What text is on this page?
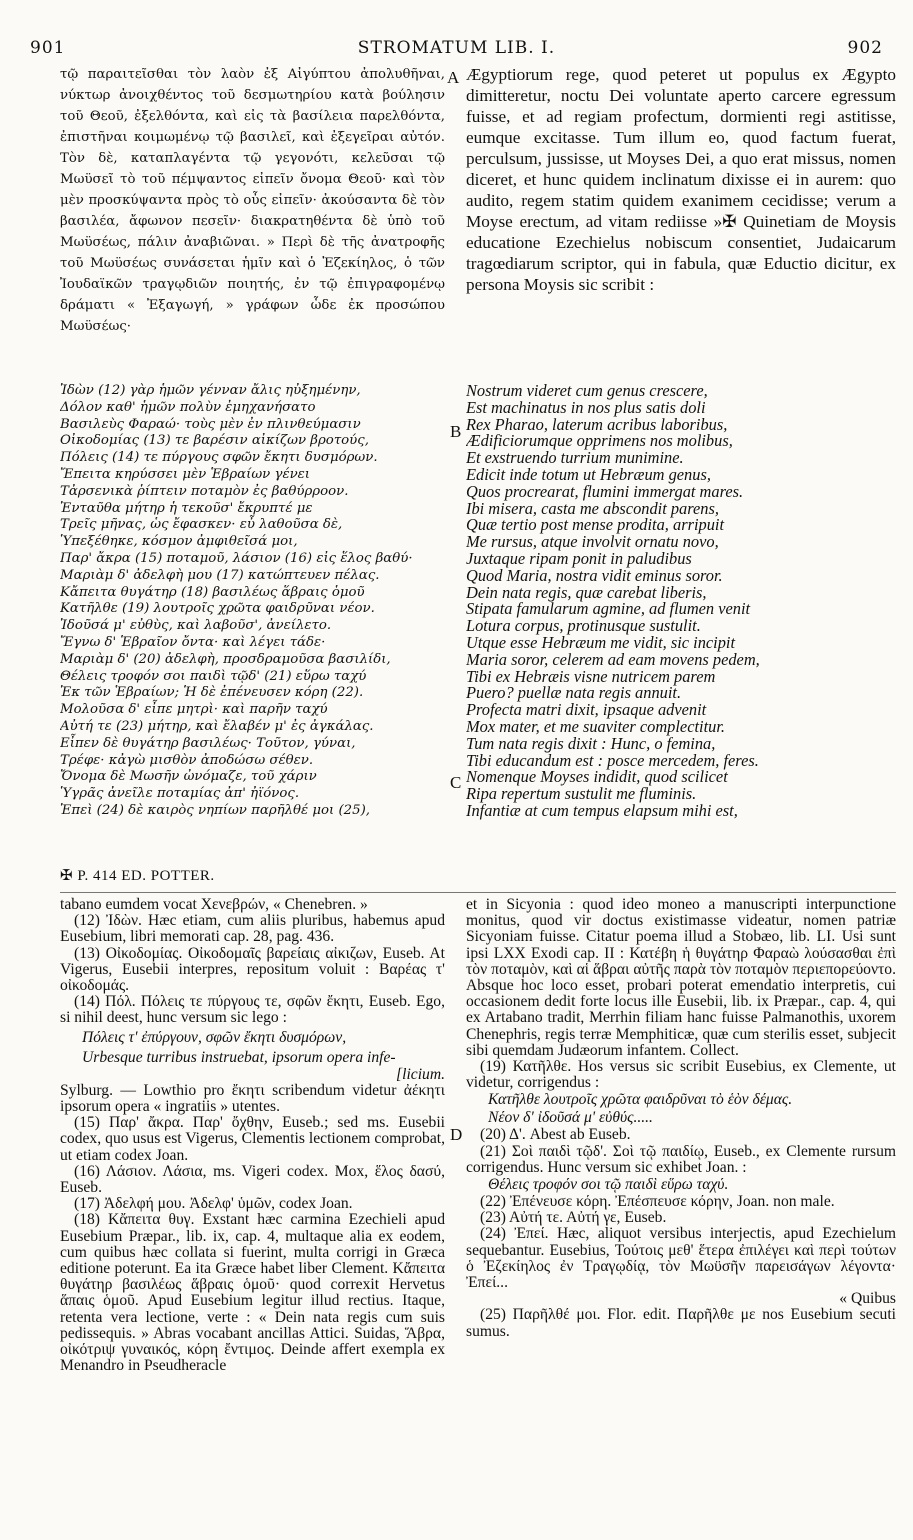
901	STROMATUM LIB. I.	902

τῷ παραιτεῖσθαι τὸν λαὸν ἐξ Αἰγύπτου ἀπολυθῆναι, νύκτωρ ἀνοιχθέντος τοῦ δεσμωτηρίου κατὰ βούλησιν τοῦ Θεοῦ, ἐξελθόντα, καὶ εἰς τὰ βασίλεια παρελθόντα, ἐπιστῆναι κοιμωμένῳ τῷ βασιλεῖ, καὶ ἐξεγεῖραι αὐτόν. Τὸν δὲ, καταπλαγέντα τῷ γεγονότι, κελεῦσαι τῷ Μωϋσεῖ τὸ τοῦ πέμψαντος εἰπεῖν ὄνομα Θεοῦ· καὶ τὸν μὲν προσκύψαντα πρὸς τὸ οὖς εἰπεῖν· ἀκούσαντα δὲ τὸν βασιλέα, ἄφωνον πεσεῖν· διακρατηθέντα δὲ ὑπὸ τοῦ Μωϋσέως, πάλιν ἀναβιῶναι. » Περὶ δὲ τῆς ἀνατροφῆς τοῦ Μωϋσέως συνάσεται ἡμῖν καὶ ὁ Ἐζεκίηλος, ὁ τῶν Ἰουδαϊκῶν τραγῳδιῶν ποιητής, ἐν τῷ ἐπιγραφομένῳ δράματι « Ἐξαγωγή, » γράφων ὧδε ἐκ προσώπου Μωϋσέως·

Ægyptiorum rege, quod peteret ut populus ex Ægypto dimitteretur, noctu Dei voluntate aperto carcere egressum fuisse, et ad regiam profectum, dormienti regi astitisse, eumque excitasse. Tum illum eo, quod factum fuerat, perculsum, jussisse, ut Moyses Dei, a quo erat missus, nomen diceret, et hunc quidem inclinatum dixisse ei in aurem: quo audito, regem statim quidem exanimem cecidisse; verum a Moyse erectum, ad vitam rediisse »✠ Quinetiam de Moysis educatione Ezechielus nobiscum consentiet, Judaicarum tragœdiarum scriptor, qui in fabula, quæ Eductio dicitur, ex persona Moysis sic scribit :

Ἰδὼν (12) γὰρ ἡμῶν γένναν ἄλις ηὐξημένην,
Δόλον καθ' ἡμῶν πολὺν ἐμηχανήσατο
Βασιλεὺς Φαραώ· τοὺς μὲν ἐν πλινθεύμασιν
Οἰκοδομίας (13) τε βαρέσιν αἰκίζων βροτούς,
Πόλεις (14) τε πύργους σφῶν ἔκητι δυσμόρων.
Ἔπειτα κηρύσσει μὲν Ἑβραίων γένει
Τἀρσενικὰ ῥίπτειν ποταμὸν ἐς βαθύρροον.
Ἐνταῦθα μήτηρ ἡ τεκοῦσ' ἔκρυπτέ με
Τρεῖς μῆνας, ὡς ἔφασκεν· εὖ λαθοῦσα δὲ,
Ὑπεξέθηκε, κόσμον ἀμφιθεῖσά μοι,
Παρ' ἄκρα (15) ποταμοῦ, λάσιον (16) εἰς ἕλος βαθύ·
Μαριὰμ δ' ἀδελφὴ μου (17) κατώπτευεν πέλας.
Κἄπειτα θυγάτηρ (18) βασιλέως ἅβραις ὁμοῦ
Κατῆλθε (19) λουτροῖς χρῶτα φαιδρῦναι νέον.
Ἰδοῦσά μ' εὐθὺς, καὶ λαβοῦσ', ἀνείλετο.
Ἔγνω δ' Ἑβραῖον ὄντα· καὶ λέγει τάδε·
Μαριὰμ δ' (20) ἀδελφὴ, προσδραμοῦσα βασιλίδι,
Θέλεις τροφόν σοι παιδὶ τῷδ' (21) εὕρω ταχύ
Ἐκ τῶν Ἑβραίων; Ἡ δὲ ἐπένευσεν κόρη (22).
Μολοῦσα δ' εἶπε μητρὶ· καὶ παρῆν ταχύ
Αὐτή τε (23) μήτηρ, καὶ ἔλαβέν μ' ἐς ἀγκάλας.
Εἶπεν δὲ θυγάτηρ βασιλέως· Τοῦτον, γύναι,
Τρέφε· κἀγὼ μισθὸν ἀποδώσω σέθεν.
Ὄνομα δὲ Μωσῆν ὠνόμαζε, τοῦ χάριν
Ὑγρᾶς ἀνεῖλε ποταμίας ἀπ' ἠϊόνος.
Ἐπεὶ (24) δὲ καιρὸς νηπίων παρῆλθέ μοι (25),
Nostrum videret cum genus crescere,
Est machinatus in nos plus satis doli
Rex Pharao, laterum acribus laboribus,
Ædificiorumque opprimens nos molibus,
Et exstruendo turrium munimine.
Edicit inde totum ut Hebræum genus,
Quos procrearat, flumini immergat mares.
Ibi misera, casta me abscondit parens,
Quæ tertio post mense prodita, arripuit
Me rursus, atque involvit ornatu novo,
Juxtaque ripam ponit in paludibus
Quod Maria, nostra vidit eminus soror.
Dein nata regis, quæ carebat liberis,
Stipata famularum agmine, ad flumen venit
Lotura corpus, protinusque sustulit.
Utque esse Hebræum me vidit, sic incipit
Maria soror, celerem ad eam movens pedem,
Tibi ex Hebræis visne nutricem parem
Puero? puellæ nata regis annuit.
Profecta matri dixit, ipsaque advenit
Mox mater, et me suaviter complectitur.
Tum nata regis dixit : Hunc, o femina,
Tibi educandum est : posce mercedem, feres.
Nomenque Moyses indidit, quod scilicet
Ripa repertum sustulit me fluminis.
Infantiæ at cum tempus elapsum mihi est,
A
B
C
D
✠ P. 414 ED. POTTER.

tabano eumdem vocat Χενεβρών, « Chenebren. »

(12) Ἰδὼν. Hæc etiam, cum aliis pluribus, habemus apud Eusebium, libri memorati cap. 28, pag. 436.

(13) Οἰκοδομίας. Οἰκοδομαῖς βαρείαις αἰκιζων, Euseb. At Vigerus, Eusebii interpres, repositum voluit : Βαρέας τ' οἰκοδομάς.

(14) Πόλ. Πόλεις τε πύργους τε, σφῶν ἔκητι, Euseb. Ego, si nihil deest, hunc versum sic lego :

Πόλεις τ' ἐπύργουν, σφῶν ἔκητι δυσμόρων,

Urbesque turribus instruebat, ipsorum opera infe-

[licium.

Sylburg. — Lowthio pro ἔκητι scribendum videtur ἀέκητι ipsorum opera « ingratiis » utentes.

(15) Παρ' ἄκρα. Παρ' ὄχθην, Euseb.; sed ms. Eusebii codex, quo usus est Vigerus, Clementis lectionem comprobat, ut etiam codex Joan.

(16) Λάσιον. Λάσια, ms. Vigeri codex. Mox, ἕλος δασύ, Euseb.

(17) Ἀδελφή μου. Ἀδελφ' ὑμῶν, codex Joan.

(18) Κἄπειτα θυγ. Exstant hæc carmina Ezechieli apud Eusebium Præpar., lib. ix, cap. 4, multaque alia ex eodem, cum quibus hæc collata si fuerint, multa corrigi in Græca editione poterunt. Ea ita Græce habet liber Clement. Κἄπειτα θυγάτηρ βασιλέως ἅβραις ὁμοῦ· quod correxit Hervetus ἅπαις ὁμοῦ. Apud Eusebium legitur illud rectius. Itaque, retenta vera lectione, verte : « Dein nata regis cum suis pedissequis. » Abras vocabant ancillas Attici. Suidas, Ἅβρα, οἰκότριψ γυναικός, κόρη ἔντιμος. Deinde affert exempla ex Menandro in Pseudheracle

et in Sicyonia : quod ideo moneo a manuscripti interpunctione monitus, quod vir doctus existimasse videatur, nomen patriæ Sicyoniam fuisse. Citatur poema illud a Stobæo, lib. LI. Usi sunt ipsi LXX Exodi cap. II : Κατέβη ἡ θυγάτηρ Φαραὼ λούσασθαι ἐπὶ τὸν ποταμὸν, καὶ αἱ ἅβραι αὐτῆς παρὰ τὸν ποταμὸν περιεπορεύοντο. Absque hoc loco esset, probari poterat emendatio interpretis, cui occasionem dedit forte locus ille Eusebii, lib. ix Præpar., cap. 4, qui ex Artabano tradit, Merrhin filiam hanc fuisse Palmanothis, uxorem Chenephris, regis terræ Memphiticæ, quæ cum sterilis esset, subjecit sibi quemdam Judæorum infantem. Collect.

(19) Κατῆλθε. Hos versus sic scribit Eusebius, ex Clemente, ut videtur, corrigendus :

Κατῆλθε λουτροῖς χρῶτα φαιδρῦναι τὸ ἑὸν δέμας.

Νέον δ' ἰδοῦσά μ' εὐθύς.....

(20) Δ'. Abest ab Euseb.

(21) Σοὶ παιδὶ τῷδ'. Σοὶ τῷ παιδίῳ, Euseb., ex Clemente rursum corrigendus. Hunc versum sic exhibet Joan. :

Θέλεις τροφόν σοι τῷ παιδὶ εὕρω ταχύ.

(22) Ἐπένευσε κόρη. Ἐπέσπευσε κόρην, Joan. non male.

(23) Αὐτή τε. Αὐτή γε, Euseb.

(24) Ἐπεί. Hæc, aliquot versibus interjectis, apud Ezechielum sequebantur. Eusebius, Τούτοις μεθ' ἕτερα ἐπιλέγει καὶ περὶ τούτων ὁ Ἐζεκίηλος ἐν Τραγῳδίᾳ, τὸν Μωϋσῆν παρεισάγων λέγοντα· Ἐπεί...

« Quibus

(25) Παρῆλθέ μοι. Flor. edit. Παρῆλθε με nos Eusebium secuti sumus.
